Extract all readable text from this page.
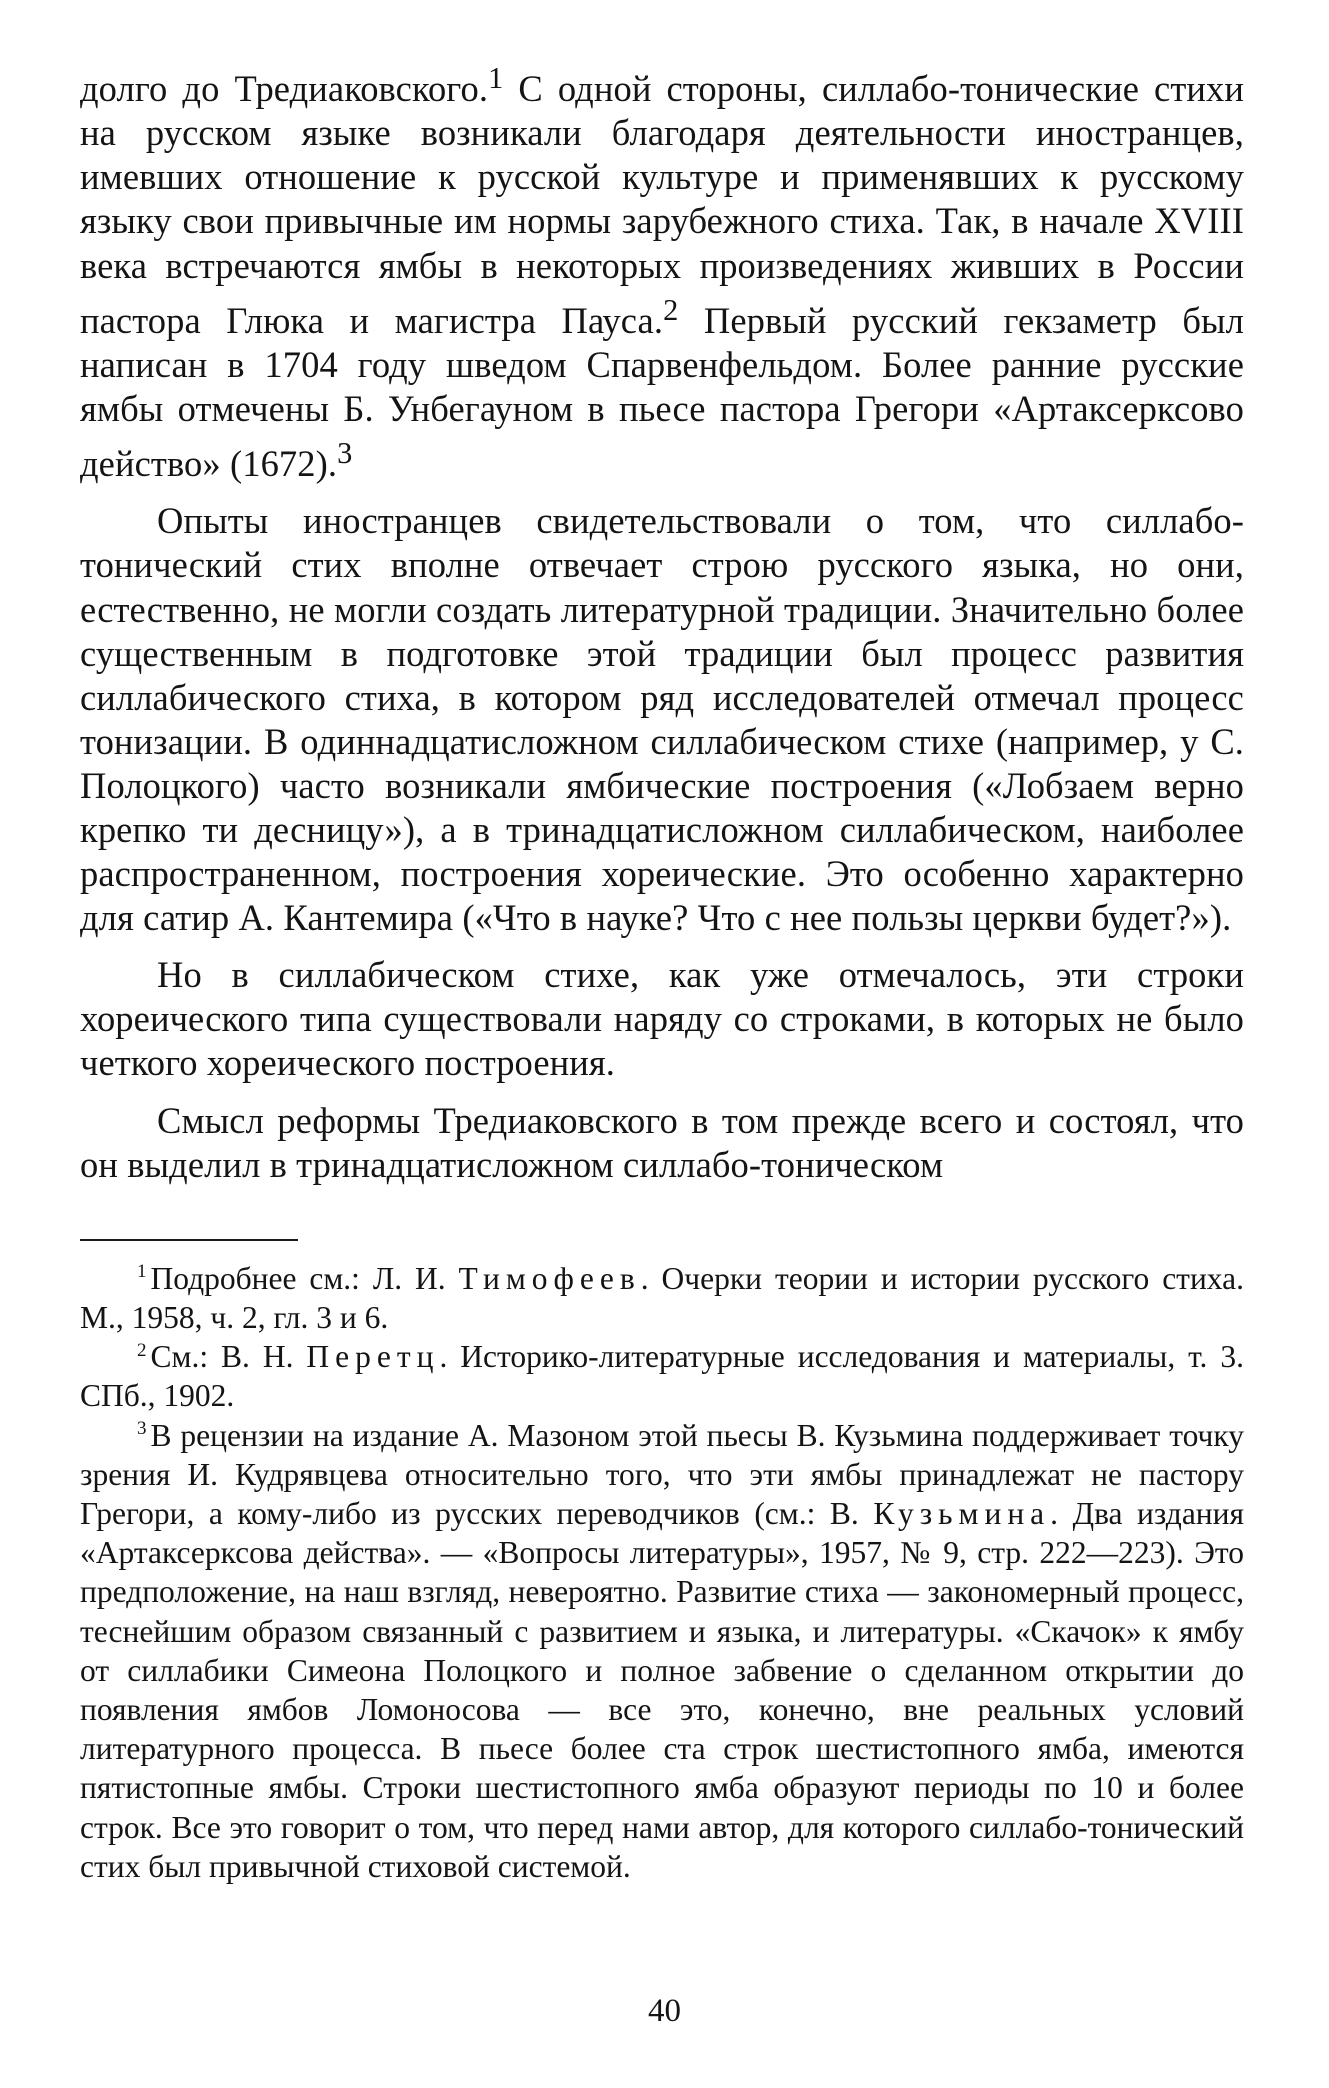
долго до Тредиаковского.$^1$ С одной стороны, силлабо-тонические стихи на русском языке возникали благодаря деятельности иностранцев, имевших отношение к русской культуре и применявших к русскому языку свои привычные им нормы зарубежного стиха. Так, в начале XVIII века встречаются ямбы в некоторых произведениях живших в России пастора Глюка и магистра Пауса.$^2$ Первый русский гекзаметр был написан в 1704 году шведом Спарвенфельдом. Более ранние русские ямбы отмечены Б. Унбегауном в пьесе пастора Грегори «Артаксерксово действо» (1672).$^3$

Опыты иностранцев свидетельствовали о том, что силлабо-тонический стих вполне отвечает строю русского языка, но они, естественно, не могли создать литературной традиции. Значительно более существенным в подготовке этой традиции был процесс развития силлабического стиха, в котором ряд исследователей отмечал процесс тонизации. В одиннадцатисложном силлабическом стихе (например, у С. Полоцкого) часто возникали ямбические построения («Лобзаем верно крепко ти десницу»), а в тринадцатисложном силлабическом, наиболее распространенном, построения хореические. Это особенно характерно для сатир А. Кантемира («Что в науке? Что с нее пользы церкви будет?»).

Но в силлабическом стихе, как уже отмечалось, эти строки хореического типа существовали наряду со строками, в которых не было четкого хореического построения.

Смысл реформы Тредиаковского в том прежде всего и состоял, что он выделил в тринадцатисложном силлабо-тоническом

$^1$ Подробнее см.: Л. И. Тимофеев. Очерки теории и истории русского стиха. М., 1958, ч. 2, гл. 3 и 6.

$^2$ См.: В. Н. Перетц. Историко-литературные исследования и материалы, т. 3. СПб., 1902.

$^3$ В рецензии на издание А. Мазоном этой пьесы В. Кузьмина поддерживает точку зрения И. Кудрявцева относительно того, что эти ямбы принадлежат не пастору Грегори, а кому-либо из русских переводчиков (см.: В. Кузьмина. Два издания «Артаксерксова действа». — «Вопросы литературы», 1957, № 9, стр. 222—223). Это предположение, на наш взгляд, невероятно. Развитие стиха — закономерный процесс, теснейшим образом связанный с развитием и языка, и литературы. «Скачок» к ямбу от силлабики Симеона Полоцкого и полное забвение о сделанном открытии до появления ямбов Ломоносова — все это, конечно, вне реальных условий литературного процесса. В пьесе более ста строк шестистопного ямба, имеются пятистопные ямбы. Строки шестистопного ямба образуют периоды по 10 и более строк. Все это говорит о том, что перед нами автор, для которого силлабо-тонический стих был привычной стиховой системой.

40
